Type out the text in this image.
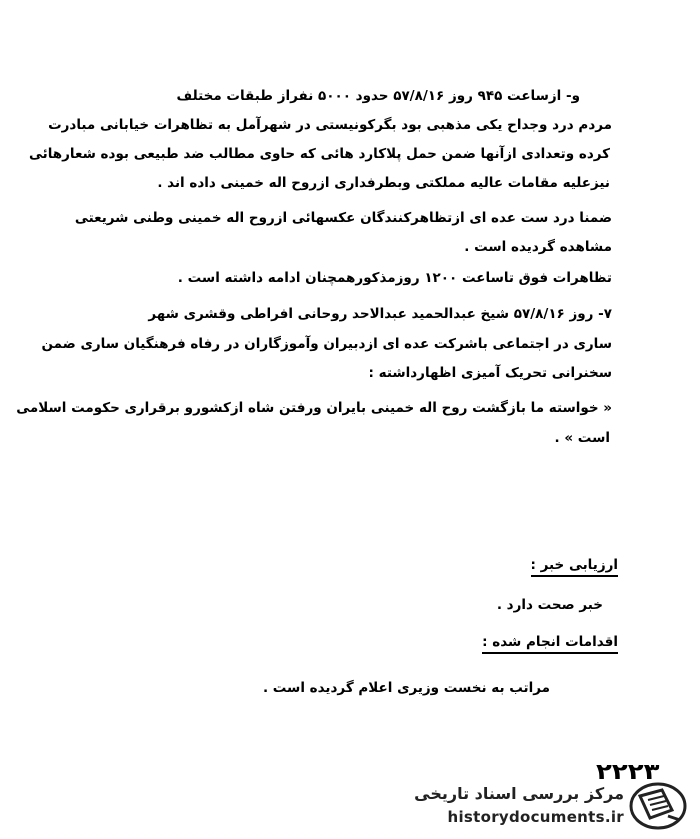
و- ازساعت ۹۴۵ روز ۵۷/۸/۱۶ حدود ۵۰۰۰ نفراز طبقات مختلف
مردم درد وجداح یکی مذهبی بود بگرکونیستی در شهرآمل به تظاهرات خیابانی مبادرت
کرده وتعدادی ازآنها ضمن حمل پلاکارد هائی که حاوی مطالب ضد طبیعی بوده شعارهائی
نیزعلیه مقامات عالیه مملکتی وبطرفداری ازروح اله خمینی داده اند .
ضمنا درد ست عده ای ازتظاهرکنندگان عکسهائی ازروح اله خمینی وطنی شریعتی
مشاهده گردیده است .
تظاهرات فوق تاساعت ۱۲۰۰ روزمذکورهمچنان ادامه داشته است .
۷- روز ۵۷/۸/۱۶ شیخ عبدالحمید عبدالاحد روحانی افراطی وقشری شهر
ساری در اجتماعی باشرکت عده ای ازدبیران وآموزگاران در رفاه فرهنگیان ساری ضمن
سخنرانی تحریک آمیزی اظهارداشته :
« خواسته ما بازگشت روح اله خمینی بایران ورفتن شاه ازکشورو برقراری حکومت اسلامی
است » .
ارزیابی خبر :
خبر صحت دارد .
اقدامات انجام شده :
مراتب به نخست وزیری اعلام گردیده است .
۲۲۲۳
مرکز بررسی اسناد تاریخی
historydocuments.ir
